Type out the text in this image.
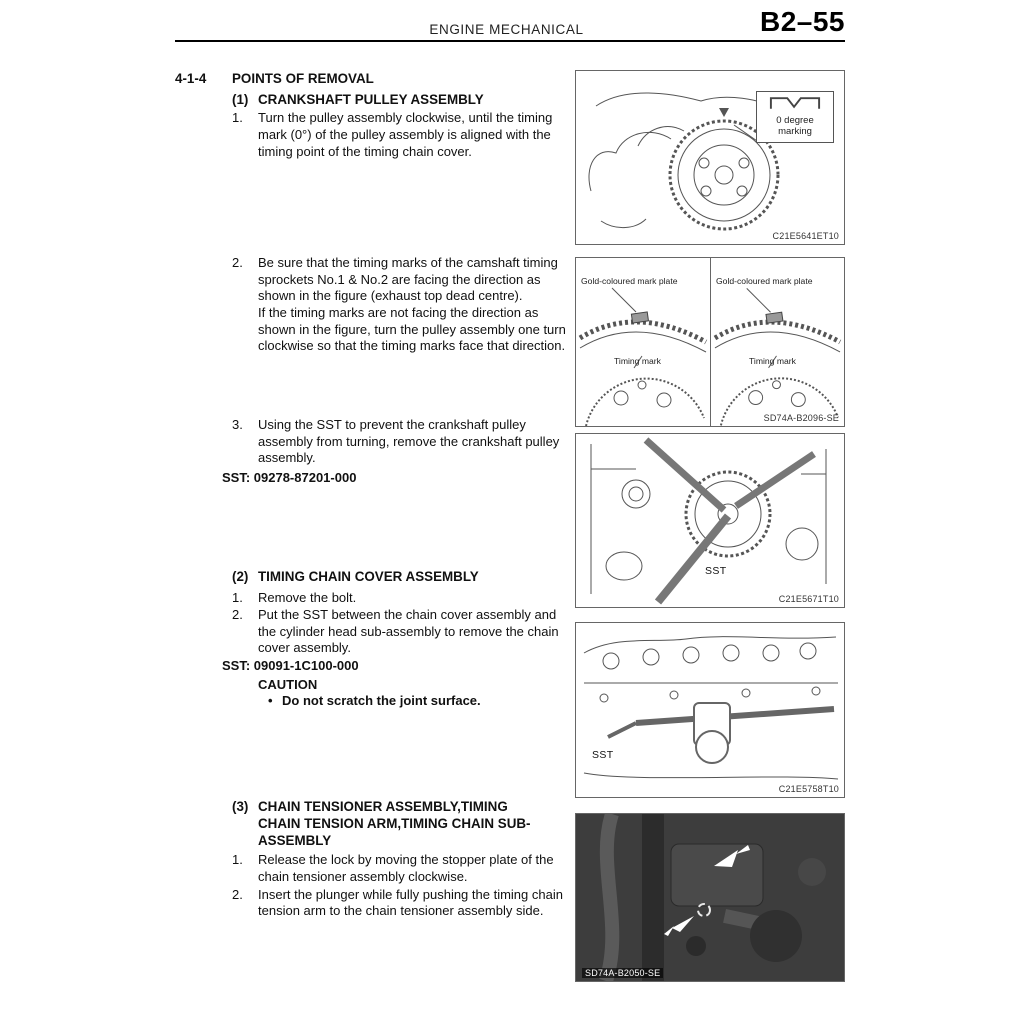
ENGINE MECHANICAL	B2–55
4-1-4	POINTS OF REMOVAL
(1) CRANKSHAFT PULLEY ASSEMBLY
1.	Turn the pulley assembly clockwise, until the timing mark (0°) of the pulley assembly is aligned with the timing point of the timing chain cover.
2.	Be sure that the timing marks of the camshaft timing sprockets No.1 & No.2 are facing the direction as shown in the figure (exhaust top dead centre).
If the timing marks are not facing the direction as shown in the figure, turn the pulley assembly one turn clockwise so that the timing marks face that direction.
3.	Using the SST to prevent the crankshaft pulley assembly from turning, remove the crankshaft pulley assembly.
SST: 09278-87201-000
(2) TIMING CHAIN COVER ASSEMBLY
1.	Remove the bolt.
2.	Put the SST between the chain cover assembly and the cylinder head sub-assembly to remove the chain cover assembly.
SST: 09091-1C100-000
CAUTION
• Do not scratch the joint surface.
(3) CHAIN TENSIONER ASSEMBLY,TIMING CHAIN TENSION ARM,TIMING CHAIN SUB-ASSEMBLY
1.	Release the lock by moving the stopper plate of the chain tensioner assembly clockwise.
2.	Insert the plunger while fully pushing the timing chain tension arm to the chain tensioner assembly side.
0 degree marking
C21E5641ET10
Gold-coloured mark plate
Timing mark
Gold-coloured mark plate
Timing mark
SD74A-B2096-SE
SST
C21E5671T10
SST
C21E5758T10
SD74A-B2050-SE
